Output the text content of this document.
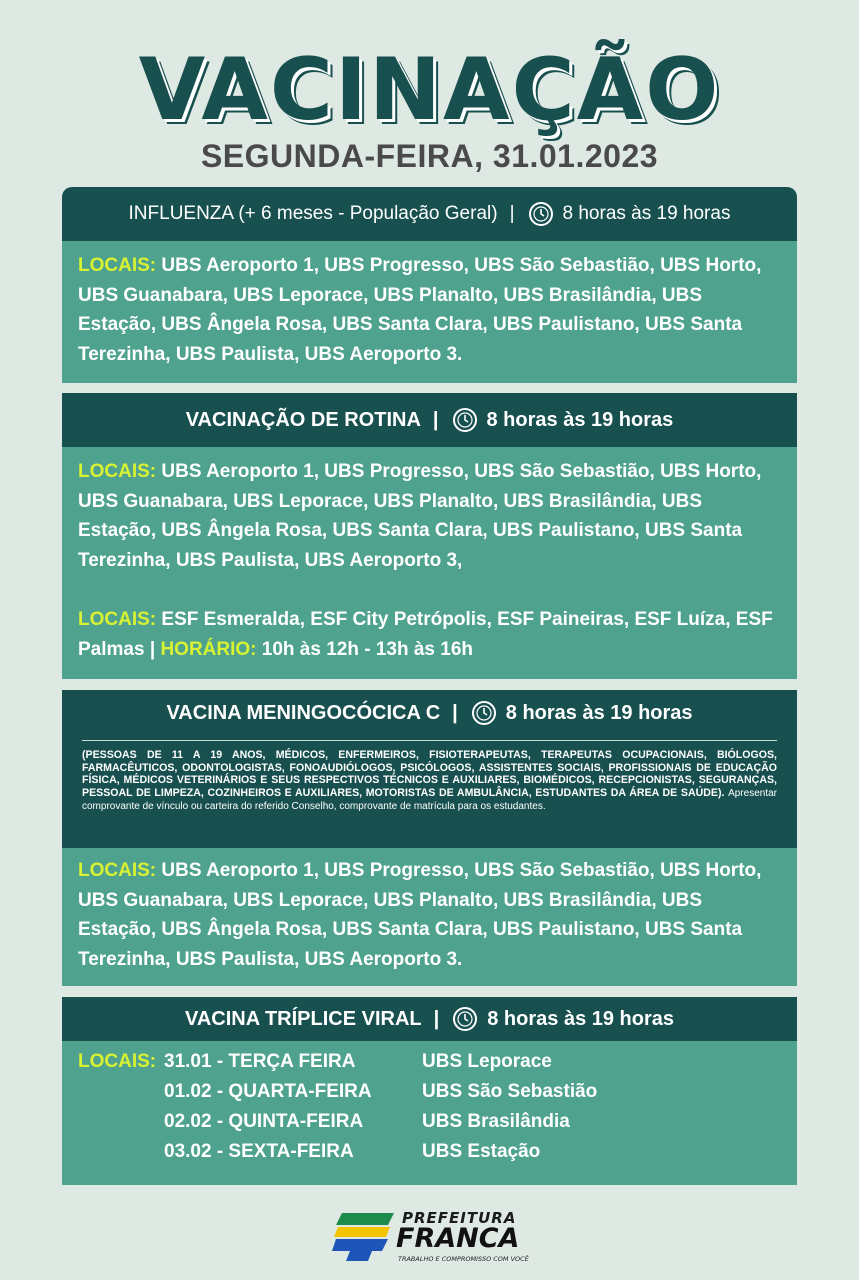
VACINAÇÃO
SEGUNDA-FEIRA, 31.01.2023
INFLUENZA (+ 6 meses - População Geral) |	8 horas às 19 horas
LOCAIS: UBS Aeroporto 1, UBS Progresso, UBS São Sebastião, UBS Horto, UBS Guanabara, UBS Leporace, UBS Planalto, UBS Brasilândia, UBS Estação, UBS Ângela Rosa, UBS Santa Clara, UBS Paulistano, UBS Santa Terezinha, UBS Paulista, UBS Aeroporto 3.
VACINAÇÃO DE ROTINA | 8 horas às 19 horas
LOCAIS: UBS Aeroporto 1, UBS Progresso, UBS São Sebastião, UBS Horto, UBS Guanabara, UBS Leporace, UBS Planalto, UBS Brasilândia, UBS Estação, UBS Ângela Rosa, UBS Santa Clara, UBS Paulistano, UBS Santa Terezinha, UBS Paulista, UBS Aeroporto 3,
LOCAIS: ESF Esmeralda, ESF City Petrópolis, ESF Paineiras, ESF Luíza, ESF Palmas | HORÁRIO: 10h às 12h - 13h às 16h
VACINA MENINGOCÓCICA C | 8 horas às 19 horas
(PESSOAS DE 11 A 19 ANOS, MÉDICOS, ENFERMEIROS, FISIOTERAPEUTAS, TERAPEUTAS OCUPACIONAIS, BIÓLOGOS, FARMACÊUTICOS, ODONTOLOGISTAS, FONOAUDIÓLOGOS, PSICÓLOGOS, ASSISTENTES SOCIAIS, PROFISSIONAIS DE EDUCAÇÃO FÍSICA, MÉDICOS VETERINÁRIOS E SEUS RESPECTIVOS TÉCNICOS E AUXILIARES, BIOMÉDICOS, RECEPCIONISTAS, SEGURANÇAS, PESSOAL DE LIMPEZA, COZINHEIROS E AUXILIARES, MOTORISTAS DE AMBULÂNCIA, ESTUDANTES DA ÁREA DE SAÚDE). Apresentar comprovante de vínculo ou carteira do referido Conselho, comprovante de matrícula para os estudantes.
LOCAIS: UBS Aeroporto 1, UBS Progresso, UBS São Sebastião, UBS Horto, UBS Guanabara, UBS Leporace, UBS Planalto, UBS Brasilândia, UBS Estação, UBS Ângela Rosa, UBS Santa Clara, UBS Paulistano, UBS Santa Terezinha, UBS Paulista, UBS Aeroporto 3.
VACINA TRÍPLICE VIRAL | 8 horas às 19 horas
LOCAIS:	31.01 - TERÇA FEIRA	UBS Leporace
	01.02 - QUARTA-FEIRA	UBS São Sebastião
	02.02 - QUINTA-FEIRA	UBS Brasilândia
	03.02 - SEXTA-FEIRA	UBS Estação
PREFEITURA
FRANCA
TRABALHO E COMPROMISSO COM VOCÊ
